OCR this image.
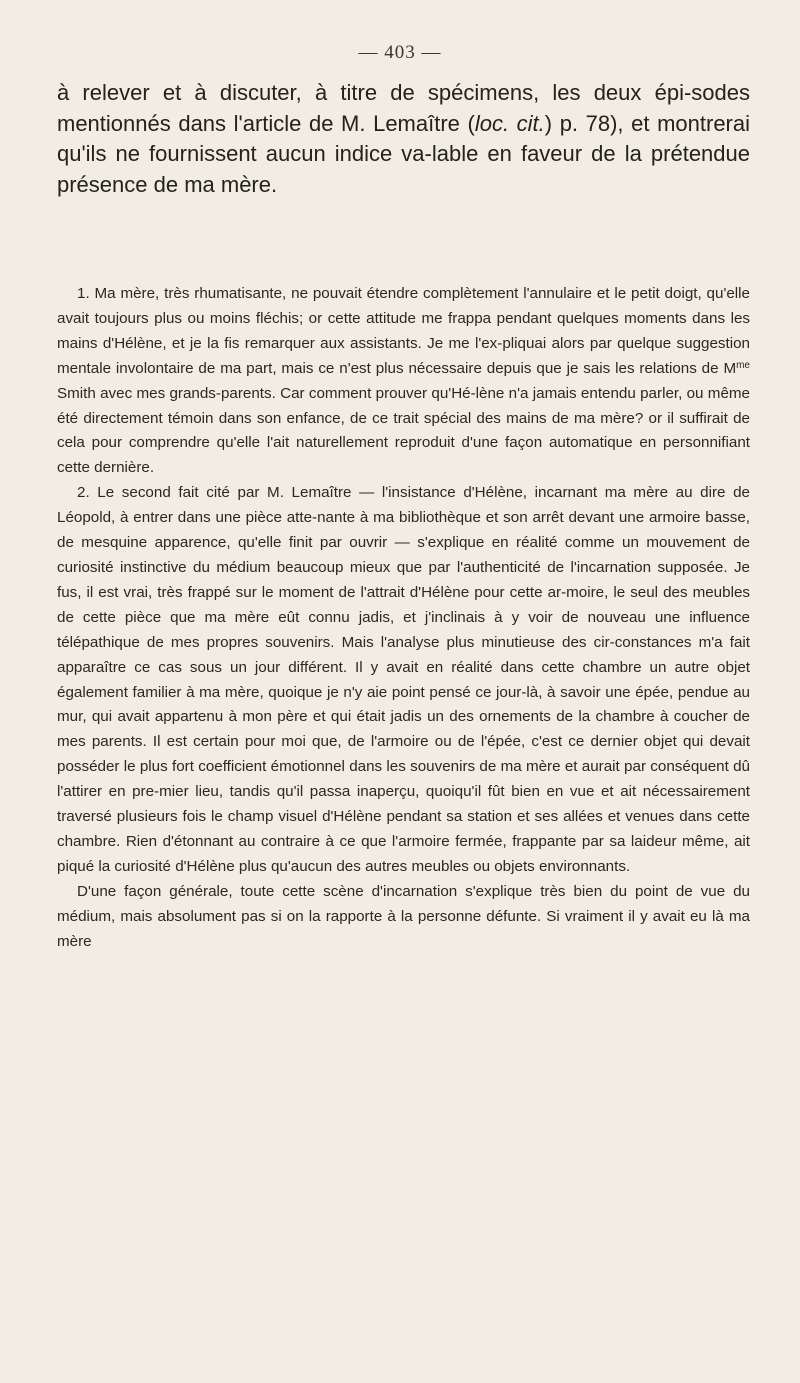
— 403 —

à relever et à discuter, à titre de spécimens, les deux épi-sodes mentionnés dans l'article de M. Lemaître (loc. cit.) p. 78), et montrerai qu'ils ne fournissent aucun indice va-lable en faveur de la prétendue présence de ma mère.

1. Ma mère, très rhumatisante, ne pouvait étendre complètement l'annulaire et le petit doigt, qu'elle avait toujours plus ou moins fléchis; or cette attitude me frappa pendant quelques moments dans les mains d'Hélène, et je la fis remarquer aux assistants. Je me l'ex-pliquai alors par quelque suggestion mentale involontaire de ma part, mais ce n'est plus nécessaire depuis que je sais les relations de $M^{me}$ Smith avec mes grands-parents. Car comment prouver qu'Hé-lène n'a jamais entendu parler, ou même été directement témoin dans son enfance, de ce trait spécial des mains de ma mère? or il suffirait de cela pour comprendre qu'elle l'ait naturellement reproduit d'une façon automatique en personnifiant cette dernière.

2. Le second fait cité par M. Lemaître — l'insistance d'Hélène, incarnant ma mère au dire de Léopold, à entrer dans une pièce atte-nante à ma bibliothèque et son arrêt devant une armoire basse, de mesquine apparence, qu'elle finit par ouvrir — s'explique en réalité comme un mouvement de curiosité instinctive du médium beaucoup mieux que par l'authenticité de l'incarnation supposée. Je fus, il est vrai, très frappé sur le moment de l'attrait d'Hélène pour cette ar-moire, le seul des meubles de cette pièce que ma mère eût connu jadis, et j'inclinais à y voir de nouveau une influence télépathique de mes propres souvenirs. Mais l'analyse plus minutieuse des cir-constances m'a fait apparaître ce cas sous un jour différent. Il y avait en réalité dans cette chambre un autre objet également familier à ma mère, quoique je n'y aie point pensé ce jour-là, à savoir une épée, pendue au mur, qui avait appartenu à mon père et qui était jadis un des ornements de la chambre à coucher de mes parents. Il est certain pour moi que, de l'armoire ou de l'épée, c'est ce dernier objet qui devait posséder le plus fort coefficient émotionnel dans les souvenirs de ma mère et aurait par conséquent dû l'attirer en pre-mier lieu, tandis qu'il passa inaperçu, quoiqu'il fût bien en vue et ait nécessairement traversé plusieurs fois le champ visuel d'Hélène pendant sa station et ses allées et venues dans cette chambre. Rien d'étonnant au contraire à ce que l'armoire fermée, frappante par sa laideur même, ait piqué la curiosité d'Hélène plus qu'aucun des autres meubles ou objets environnants.

D'une façon générale, toute cette scène d'incarnation s'explique très bien du point de vue du médium, mais absolument pas si on la rapporte à la personne défunte. Si vraiment il y avait eu là ma mère
